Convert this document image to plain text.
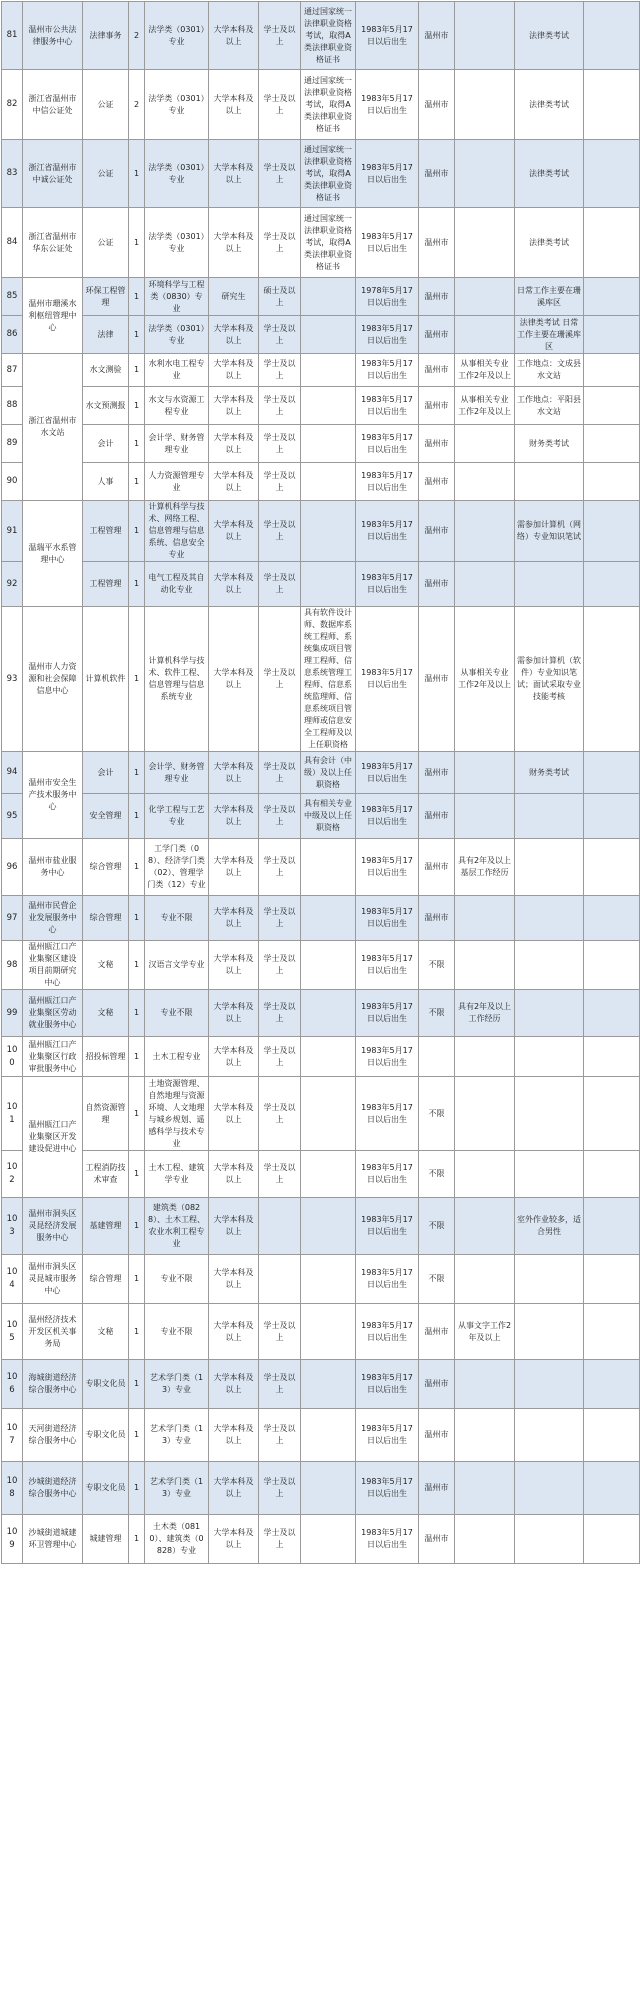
81	温州市公共法律服务中心	法律事务	2	法学类（0301）专业	大学本科及以上	学士及以上	通过国家统一法律职业资格考试，取得A类法律职业资格证书	1983年5月17日以后出生	温州市		法律类考试	
82	浙江省温州市中信公证处	公证	2	法学类（0301）专业	大学本科及以上	学士及以上	通过国家统一法律职业资格考试，取得A类法律职业资格证书	1983年5月17日以后出生	温州市		法律类考试	
83	浙江省温州市中诚公证处	公证	1	法学类（0301）专业	大学本科及以上	学士及以上	通过国家统一法律职业资格考试，取得A类法律职业资格证书	1983年5月17日以后出生	温州市		法律类考试	
84	浙江省温州市华东公证处	公证	1	法学类（0301）专业	大学本科及以上	学士及以上	通过国家统一法律职业资格考试，取得A类法律职业资格证书	1983年5月17日以后出生	温州市		法律类考试	
85	温州市珊溪水利枢纽管理中心	环保工程管理	1	环境科学与工程类（0830）专业	研究生	硕士及以上		1978年5月17日以后出生	温州市		日常工作主要在珊溪库区	
86		法律	1	法学类（0301）专业	大学本科及以上	学士及以上		1983年5月17日以后出生	温州市		法律类考试 日常工作主要在珊溪库区	
87	浙江省温州市水文站	水文测验	1	水利水电工程专业	大学本科及以上	学士及以上		1983年5月17日以后出生	温州市	从事相关专业工作2年及以上	工作地点：文成县水文站	
88		水文预测报	1	水文与水资源工程专业	大学本科及以上	学士及以上		1983年5月17日以后出生	温州市	从事相关专业工作2年及以上	工作地点：平阳县水文站	
89		会计	1	会计学、财务管理专业	大学本科及以上	学士及以上		1983年5月17日以后出生	温州市		财务类考试	
90		人事	1	人力资源管理专业	大学本科及以上	学士及以上		1983年5月17日以后出生	温州市			
91	温瑞平水系管理中心	工程管理	1	计算机科学与技术、网络工程、信息管理与信息系统、信息安全专业	大学本科及以上	学士及以上		1983年5月17日以后出生	温州市		需参加计算机（网络）专业知识笔试	
92		工程管理	1	电气工程及其自动化专业	大学本科及以上	学士及以上		1983年5月17日以后出生	温州市			
93	温州市人力资源和社会保障信息中心	计算机软件	1	计算机科学与技术、软件工程、信息管理与信息系统专业	大学本科及以上	学士及以上	具有软件设计师、数据库系统工程师、系统集成项目管理工程师、信息系统管理工程师、信息系统监理师、信息系统项目管理师或信息安全工程师及以上任职资格	1983年5月17日以后出生	温州市	从事相关专业工作2年及以上	需参加计算机（软件）专业知识笔试；面试采取专业技能考核	
94	温州市安全生产技术服务中心	会计	1	会计学、财务管理专业	大学本科及以上	学士及以上	具有会计（中级）及以上任职资格	1983年5月17日以后出生	温州市		财务类考试	
95		安全管理	1	化学工程与工艺专业	大学本科及以上	学士及以上	具有相关专业中级及以上任职资格	1983年5月17日以后出生	温州市			
96	温州市盐业服务中心	综合管理	1	工学门类（08）、经济学门类（02）、管理学门类（12）专业	大学本科及以上	学士及以上		1983年5月17日以后出生	温州市	具有2年及以上基层工作经历		
97	温州市民营企业发展服务中心	综合管理	1	专业不限	大学本科及以上	学士及以上		1983年5月17日以后出生	温州市			
98	温州瓯江口产业集聚区建设项目前期研究中心	文秘	1	汉语言文学专业	大学本科及以上	学士及以上		1983年5月17日以后出生	不限			
99	温州瓯江口产业集聚区劳动就业服务中心	文秘	1	专业不限	大学本科及以上	学士及以上		1983年5月17日以后出生	不限	具有2年及以上工作经历		
100	温州瓯江口产业集聚区行政审批服务中心	招投标管理	1	土木工程专业	大学本科及以上	学士及以上		1983年5月17日以后出生				
101	温州瓯江口产业集聚区开发建设促进中心	自然资源管理	1	土地资源管理、自然地理与资源环境、人文地理与城乡规划、遥感科学与技术专业	大学本科及以上	学士及以上		1983年5月17日以后出生	不限			
102		工程消防技术审查	1	土木工程、建筑学专业	大学本科及以上	学士及以上		1983年5月17日以后出生	不限			
103	温州市洞头区灵昆经济发展服务中心	基建管理	1	建筑类（0828）、土木工程、农业水利工程专业	大学本科及以上			1983年5月17日以后出生	不限		室外作业较多，适合男性	
104	温州市洞头区灵昆城市服务中心	综合管理	1	专业不限	大学本科及以上			1983年5月17日以后出生	不限			
105	温州经济技术开发区机关事务局	文秘	1	专业不限	大学本科及以上	学士及以上		1983年5月17日以后出生	温州市	从事文字工作2年及以上		
106	海城街道经济综合服务中心	专职文化员	1	艺术学门类（13）专业	大学本科及以上	学士及以上		1983年5月17日以后出生	温州市			
107	天河街道经济综合服务中心	专职文化员	1	艺术学门类（13）专业	大学本科及以上	学士及以上		1983年5月17日以后出生	温州市			
108	沙城街道经济综合服务中心	专职文化员	1	艺术学门类（13）专业	大学本科及以上	学士及以上		1983年5月17日以后出生	温州市			
109	沙城街道城建环卫管理中心	城建管理	1	土木类（0810）、建筑类（0828）专业	大学本科及以上	学士及以上		1983年5月17日以后出生	温州市			
